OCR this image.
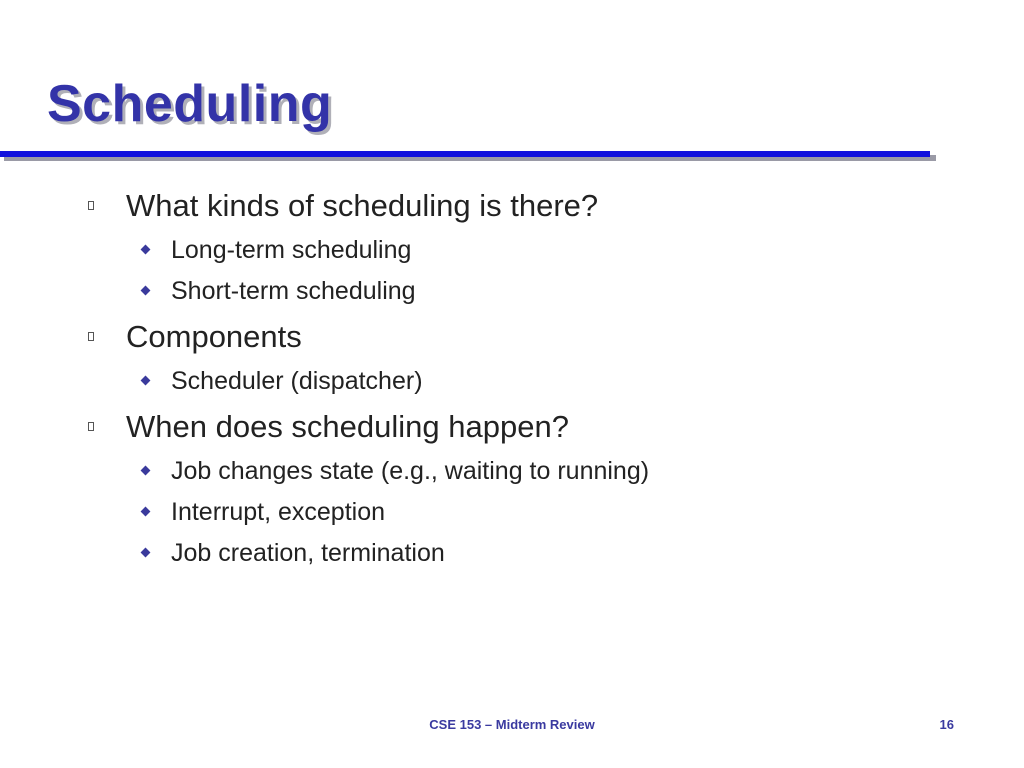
Scheduling
What kinds of scheduling is there?
Long-term scheduling
Short-term scheduling
Components
Scheduler (dispatcher)
When does scheduling happen?
Job changes state (e.g., waiting to running)
Interrupt, exception
Job creation, termination
CSE 153 – Midterm Review	16
